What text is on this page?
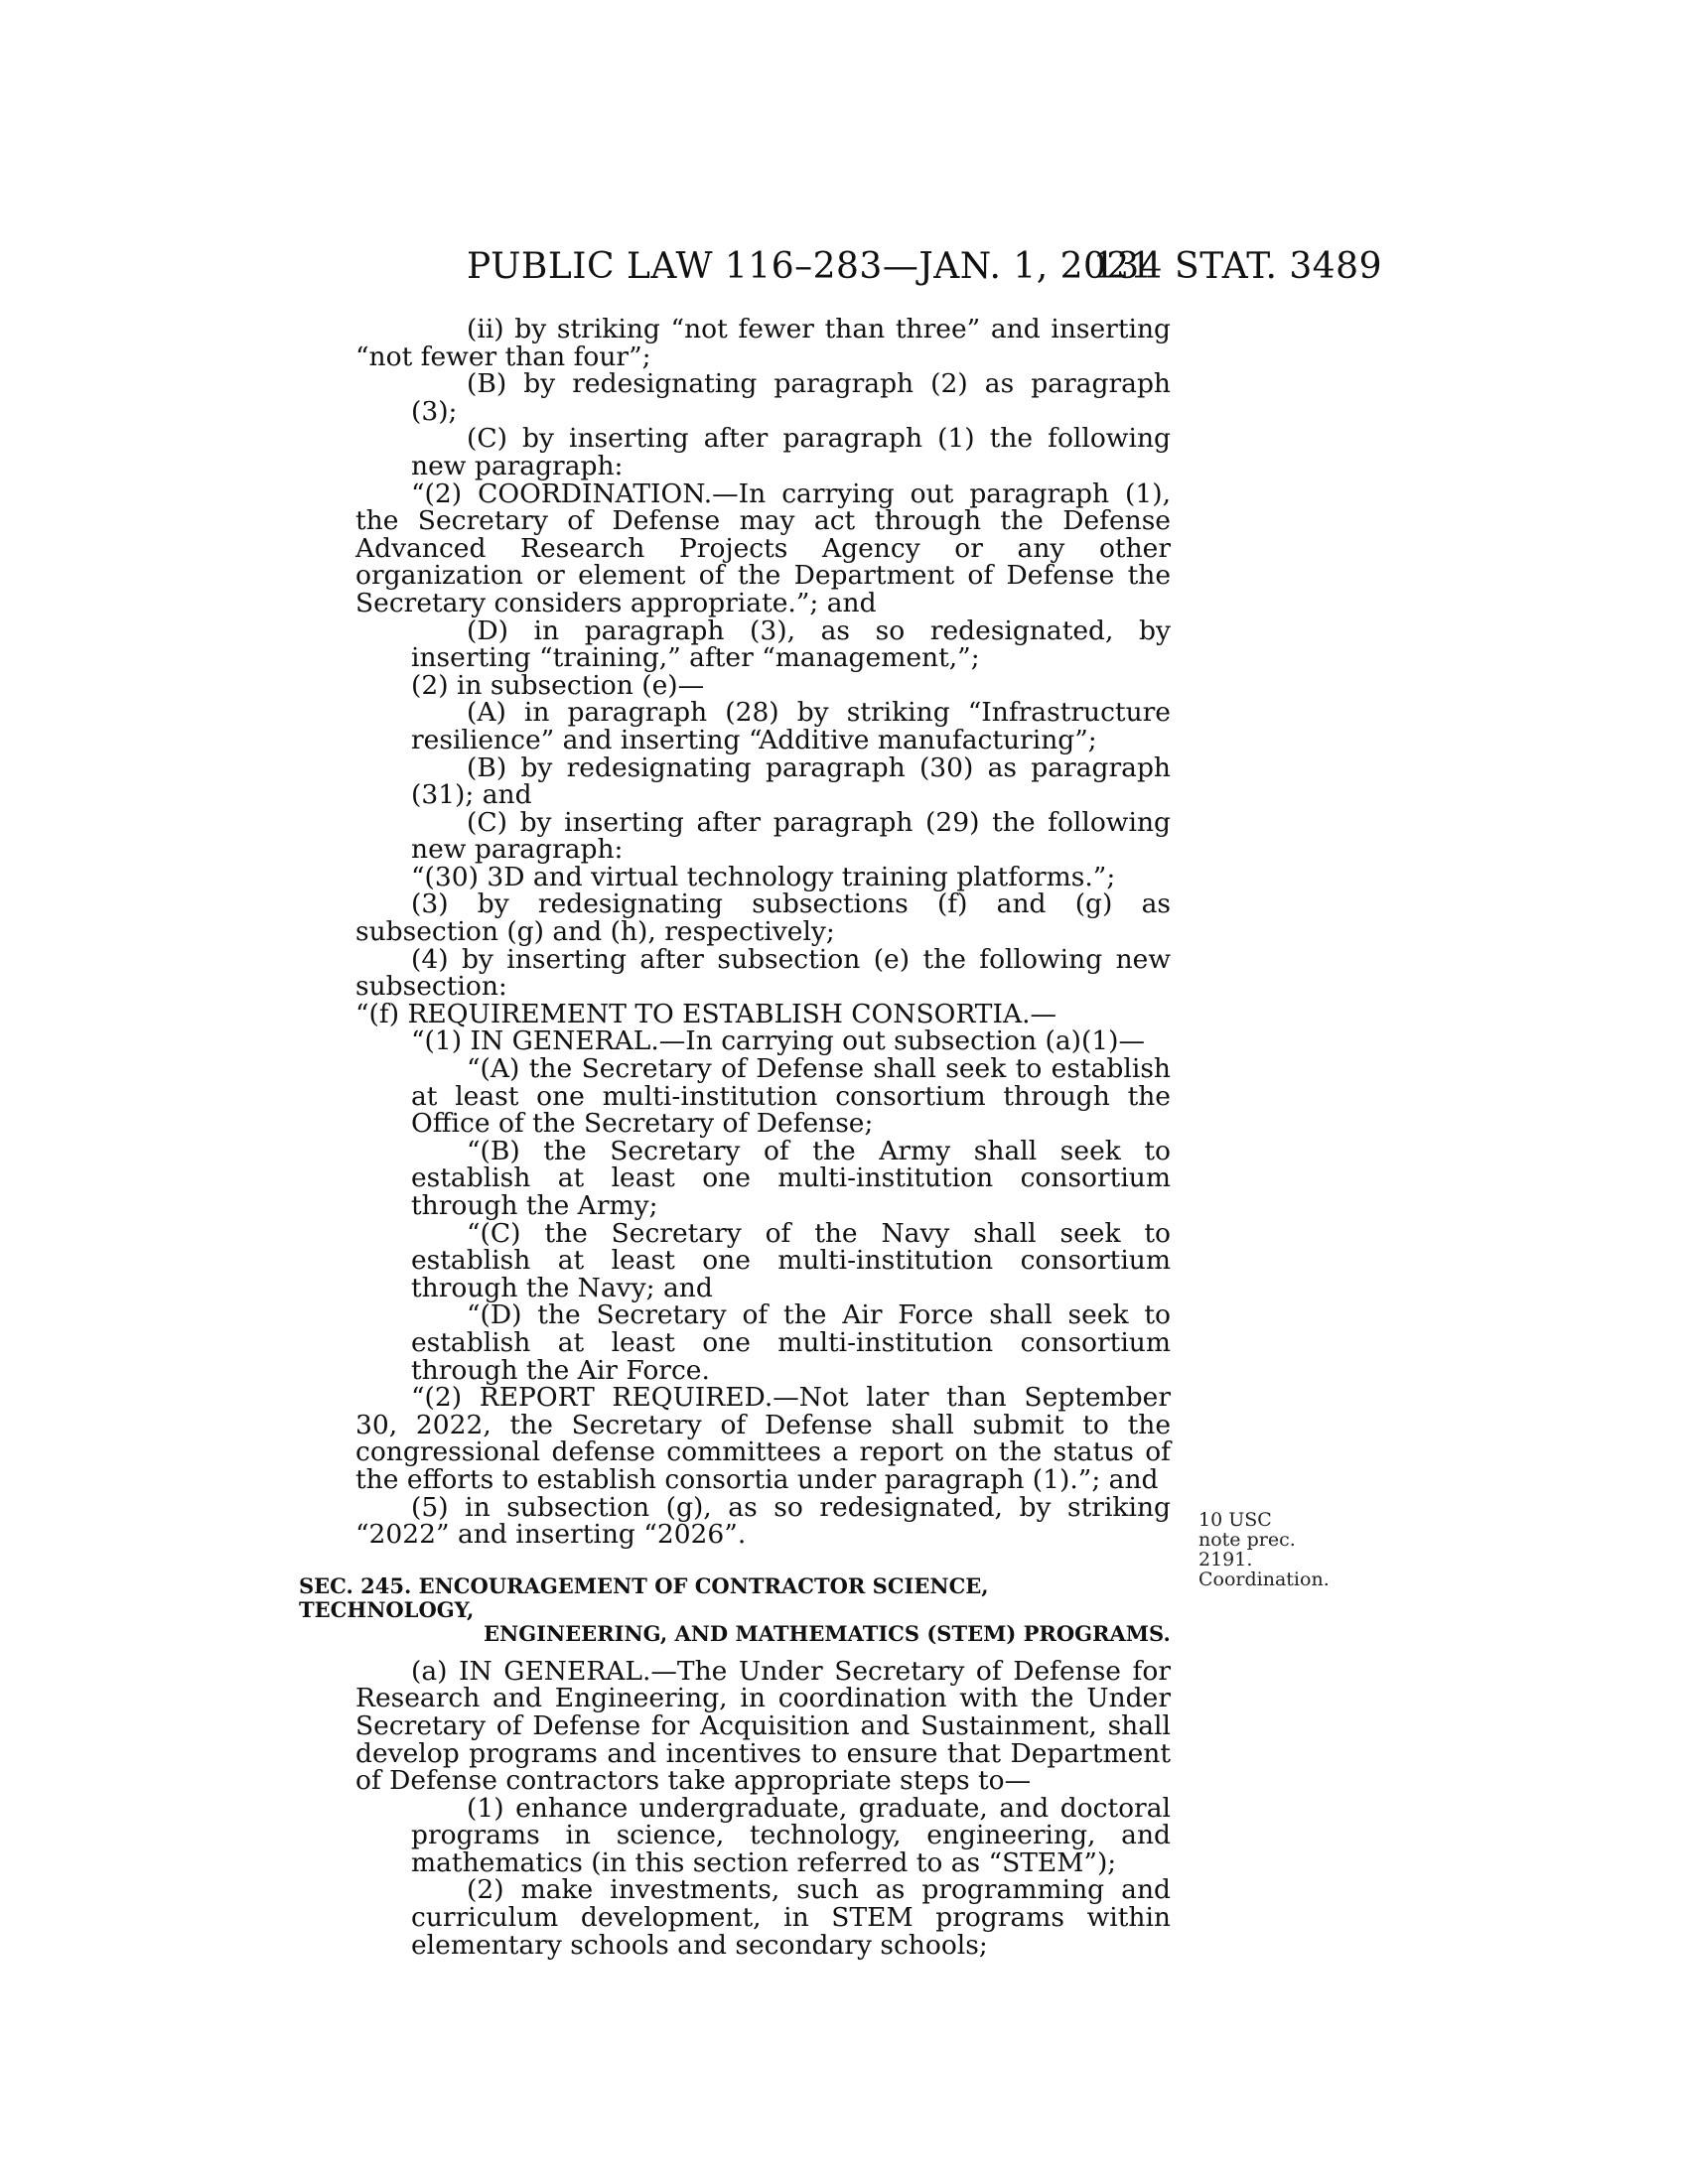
PUBLIC LAW 116–283—JAN. 1, 2021
134 STAT. 3489

(ii) by striking “not fewer than three” and inserting “not fewer than four”;

(B) by redesignating paragraph (2) as paragraph (3);

(C) by inserting after paragraph (1) the following new paragraph:

“(2) COORDINATION.—In carrying out paragraph (1), the Secretary of Defense may act through the Defense Advanced Research Projects Agency or any other organization or element of the Department of Defense the Secretary considers appropriate.”; and

(D) in paragraph (3), as so redesignated, by inserting “training,” after “management,”;

(2) in subsection (e)—

(A) in paragraph (28) by striking “Infrastructure resilience” and inserting “Additive manufacturing”;

(B) by redesignating paragraph (30) as paragraph (31); and

(C) by inserting after paragraph (29) the following new paragraph:

“(30) 3D and virtual technology training platforms.”;

(3) by redesignating subsections (f) and (g) as subsection (g) and (h), respectively;

(4) by inserting after subsection (e) the following new subsection:

“(f) REQUIREMENT TO ESTABLISH CONSORTIA.—

“(1) IN GENERAL.—In carrying out subsection (a)(1)—

“(A) the Secretary of Defense shall seek to establish at least one multi-institution consortium through the Office of the Secretary of Defense;

“(B) the Secretary of the Army shall seek to establish at least one multi-institution consortium through the Army;

“(C) the Secretary of the Navy shall seek to establish at least one multi-institution consortium through the Navy; and

“(D) the Secretary of the Air Force shall seek to establish at least one multi-institution consortium through the Air Force.

“(2) REPORT REQUIRED.—Not later than September 30, 2022, the Secretary of Defense shall submit to the congressional defense committees a report on the status of the efforts to establish consortia under paragraph (1).”; and

(5) in subsection (g), as so redesignated, by striking “2022” and inserting “2026”.

SEC. 245. ENCOURAGEMENT OF CONTRACTOR SCIENCE, TECHNOLOGY,
ENGINEERING, AND MATHEMATICS (STEM) PROGRAMS.

(a) IN GENERAL.—The Under Secretary of Defense for Research and Engineering, in coordination with the Under Secretary of Defense for Acquisition and Sustainment, shall develop programs and incentives to ensure that Department of Defense contractors take appropriate steps to—

(1) enhance undergraduate, graduate, and doctoral programs in science, technology, engineering, and mathematics (in this section referred to as “STEM”);

(2) make investments, such as programming and curriculum development, in STEM programs within elementary schools and secondary schools;

10 USC note prec. 2191.
Coordination.
